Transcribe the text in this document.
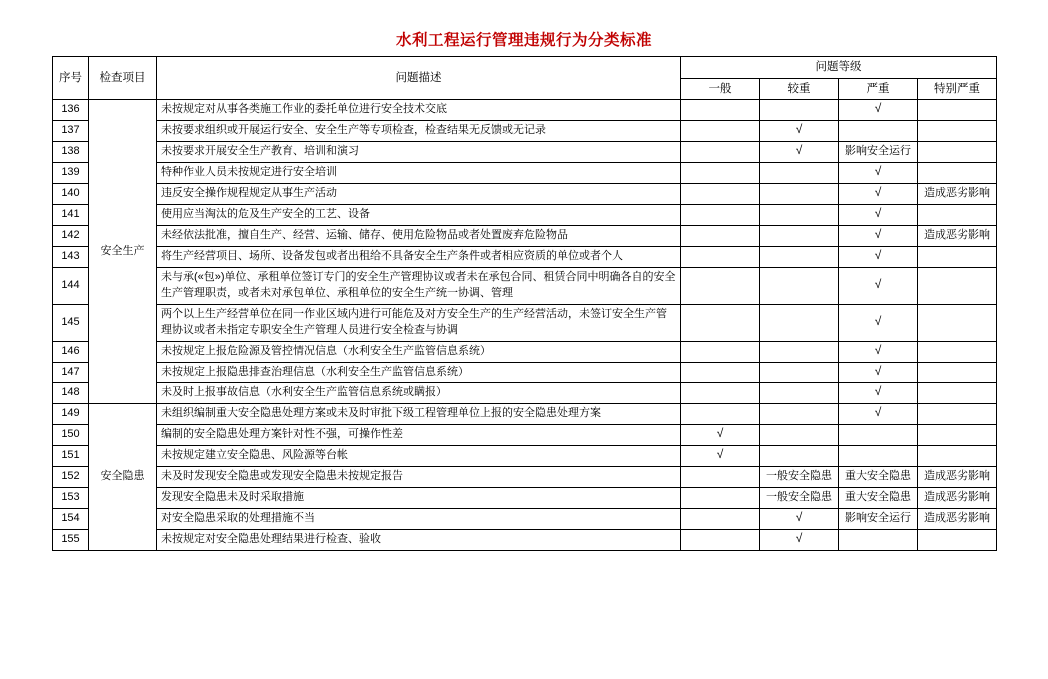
水利工程运行管理违规行为分类标准
序号	检查项目	问题描述	问题等级			
			一般	较重	严重	特别严重
136	安全生产	未按规定对从事各类施工作业的委托单位进行安全技术交底			√	
137		未按要求组织或开展运行安全、安全生产等专项检查，检查结果无反馈或无记录		√		
138		未按要求开展安全生产教育、培训和演习		√	影响安全运行	
139		特种作业人员未按规定进行安全培训			√	
140		违反安全操作规程规定从事生产活动			√	造成恶劣影响
141		使用应当淘汰的危及生产安全的工艺、设备			√	
142		未经依法批准，擅自生产、经营、运输、储存、使用危险物品或者处置废弃危险物品			√	造成恶劣影响
143		将生产经营项目、场所、设备发包或者出租给不具备安全生产条件或者相应资质的单位或者个人			√	
144		未与承(«包»)单位、承租单位签订专门的安全生产管理协议或者未在承包合同、租赁合同中明确各自的安全生产管理职责，或者未对承包单位、承租单位的安全生产统一协调、管理			√	
145		两个以上生产经营单位在同一作业区域内进行可能危及对方安全生产的生产经营活动，未签订安全生产管理协议或者未指定专职安全生产管理人员进行安全检查与协调			√	
146		未按规定上报危险源及管控情况信息（水利安全生产监管信息系统）			√	
147		未按规定上报隐患排查治理信息（水利安全生产监管信息系统）			√	
148		未及时上报事故信息（水利安全生产监管信息系统或瞒报）			√	
149	安全隐患	未组织编制重大安全隐患处理方案或未及时审批下级工程管理单位上报的安全隐患处理方案			√	
150		编制的安全隐患处理方案针对性不强，可操作性差	√			
151		未按规定建立安全隐患、风险源等台帐	√			
152		未及时发现安全隐患或发现安全隐患未按规定报告		一般安全隐患	重大安全隐患	造成恶劣影响
153		发现安全隐患未及时采取措施		一般安全隐患	重大安全隐患	造成恶劣影响
154		对安全隐患采取的处理措施不当		√	影响安全运行	造成恶劣影响
155		未按规定对安全隐患处理结果进行检查、验收		√		
